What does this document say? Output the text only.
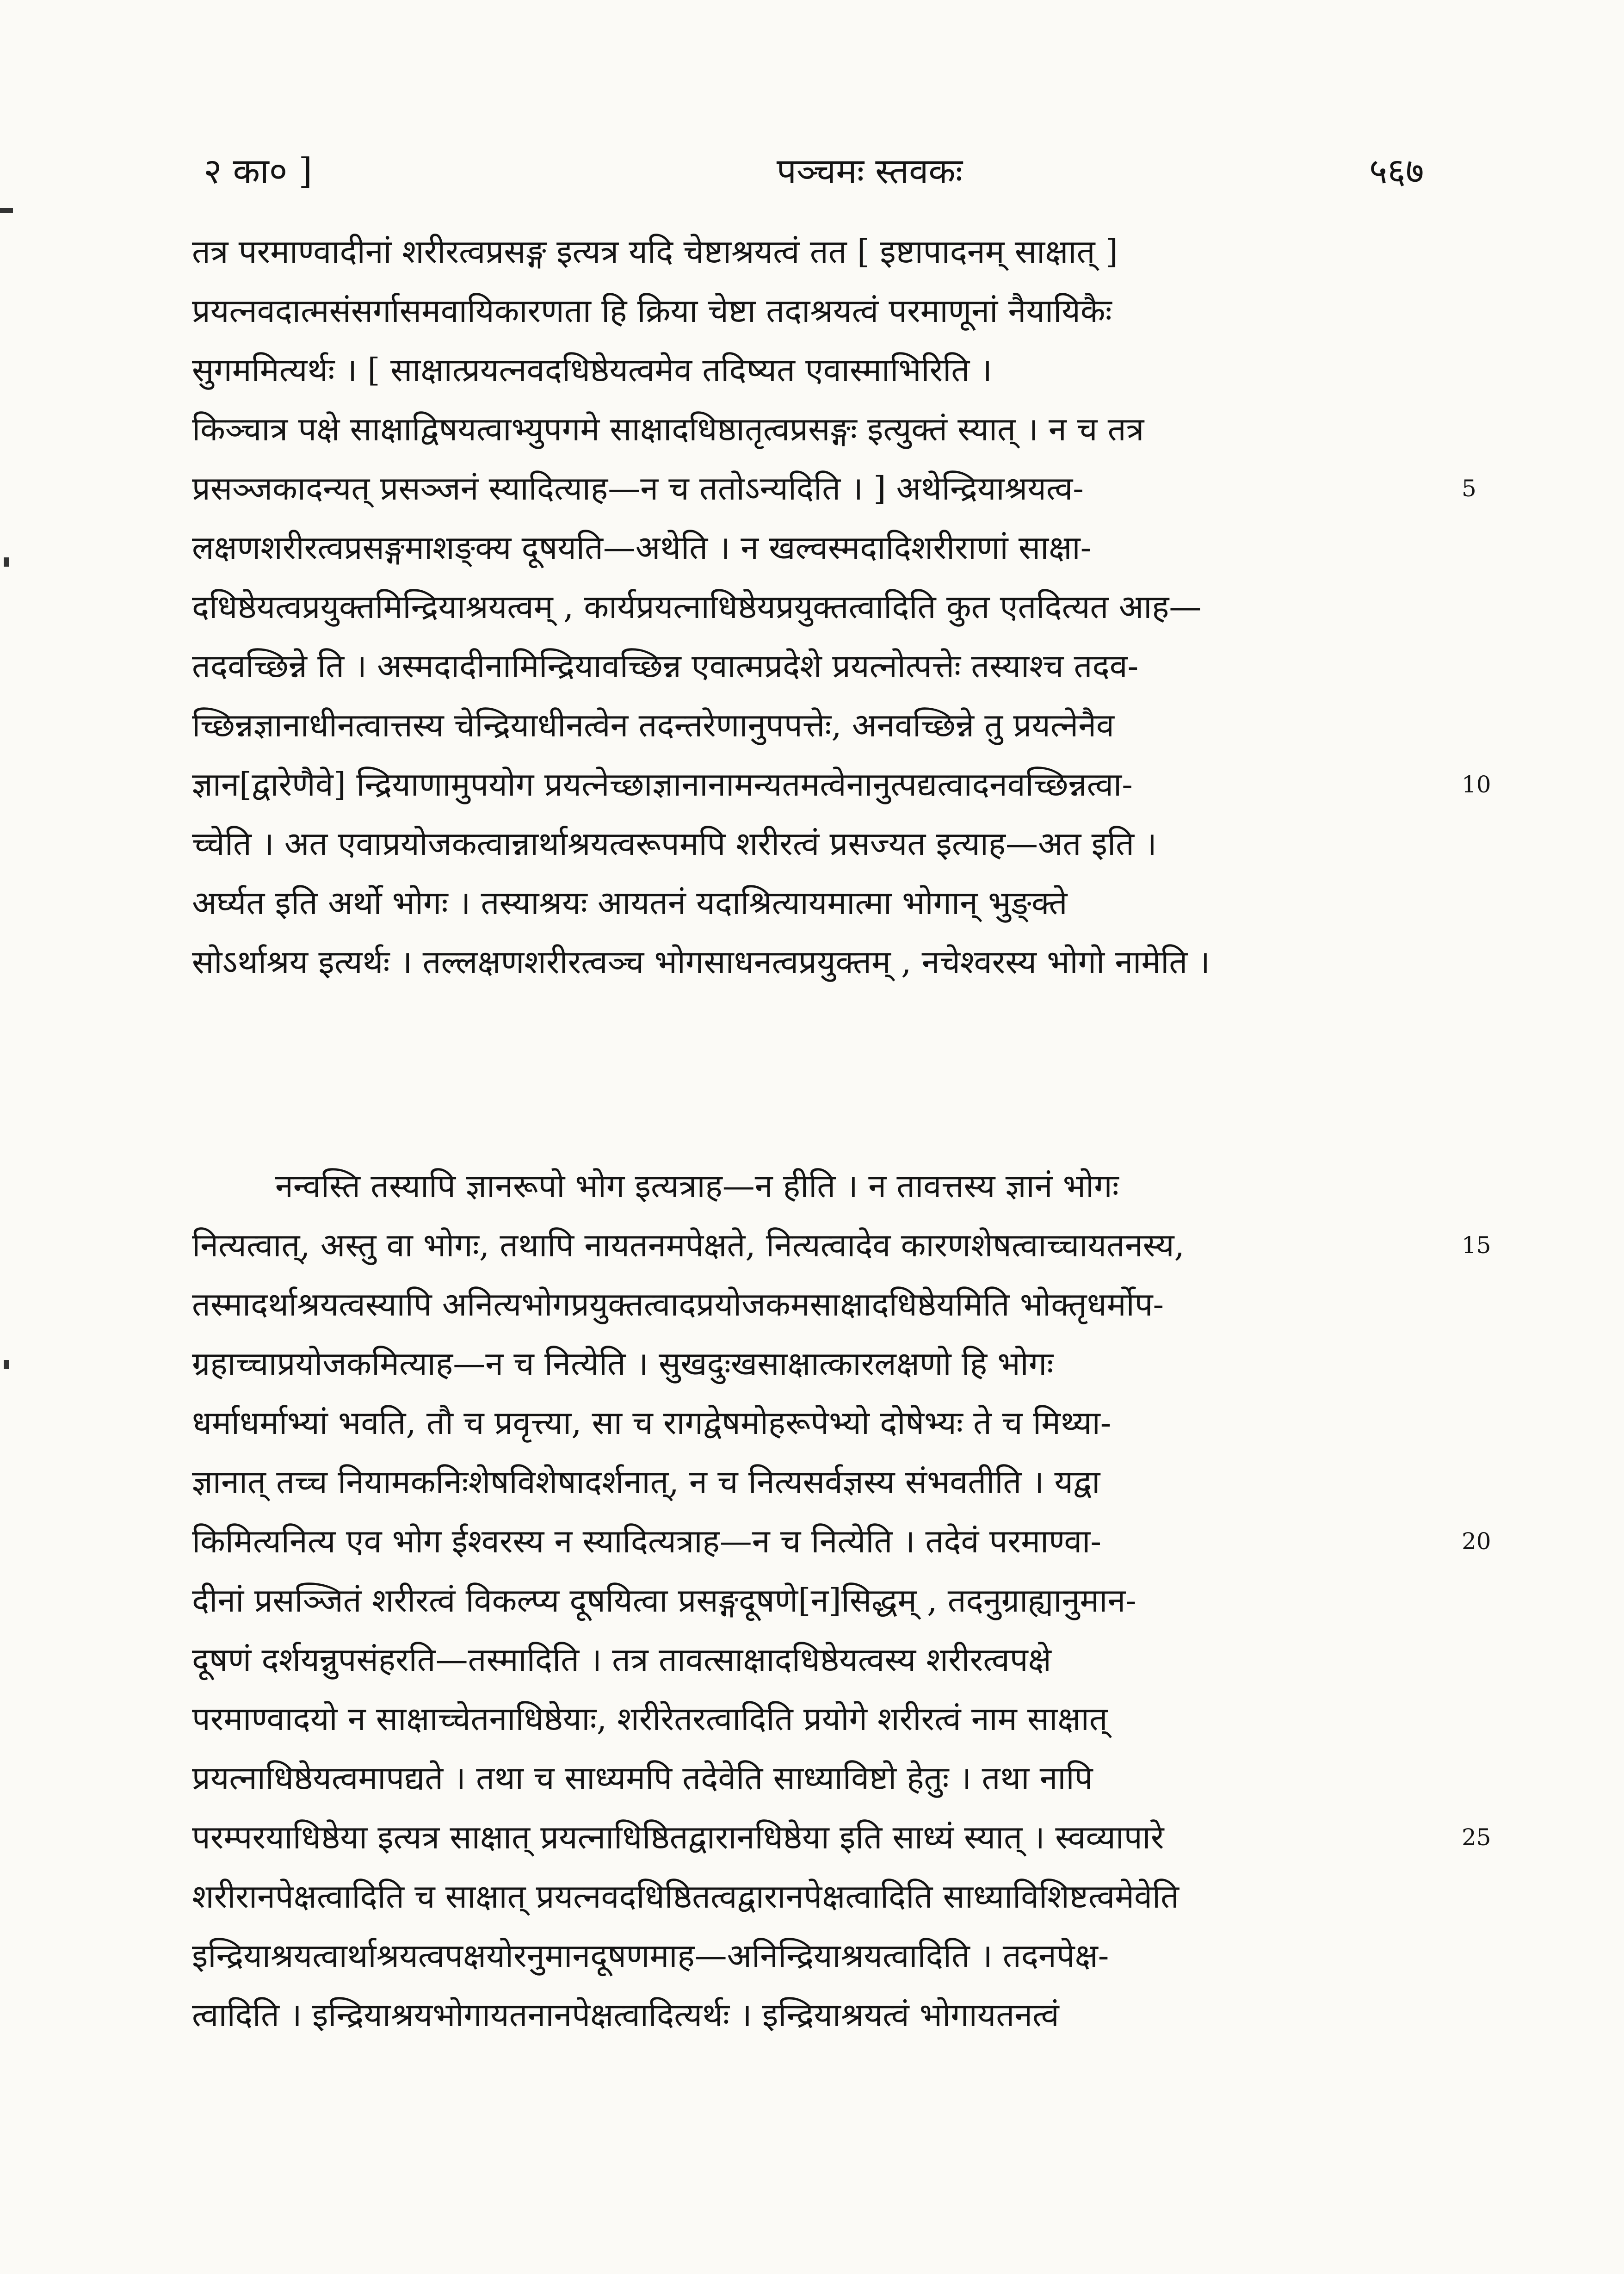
२ का० ]	पञ्चमः स्तवकः	५६७
तत्र परमाण्वादीनां शरीरत्वप्रसङ्ग इत्यत्र यदि चेष्टाश्रयत्वं तत [ इष्टापादनम् साक्षात् ]
प्रयत्नवदात्मसंसर्गासमवायिकारणता हि क्रिया चेष्टा तदाश्रयत्वं परमाणूनां नैयायिकैः
सुगममित्यर्थः । [ साक्षात्प्रयत्नवदधिष्ठेयत्वमेव तदिष्यत एवास्माभिरिति ।
किञ्चात्र पक्षे साक्षाद्विषयत्वाभ्युपगमे साक्षादधिष्ठातृत्वप्रसङ्गः इत्युक्तं स्यात् । न च तत्र
प्रसञ्जकादन्यत् प्रसञ्जनं स्यादित्याह—न च ततोऽन्यदिति । ] अथेन्द्रियाश्रयत्व-
लक्षणशरीरत्वप्रसङ्गमाशङ्क्य दूषयति—अथेति । न खल्वस्मदादिशरीराणां साक्षा-
दधिष्ठेयत्वप्रयुक्तमिन्द्रियाश्रयत्वम् , कार्यप्रयत्नाधिष्ठेयप्रयुक्तत्वादिति कुत एतदित्यत आह—
तदवच्छिन्ने ति । अस्मदादीनामिन्द्रियावच्छिन्न एवात्मप्रदेशे प्रयत्नोत्पत्तेः तस्याश्च तदव-
च्छिन्नज्ञानाधीनत्वात्तस्य चेन्द्रियाधीनत्वेन तदन्तरेणानुपपत्तेः, अनवच्छिन्ने तु प्रयत्नेनैव
ज्ञान[द्वारेणैवे] न्द्रियाणामुपयोग प्रयत्नेच्छाज्ञानानामन्यतमत्वेनानुत्पद्यत्वादनवच्छिन्नत्वा-
च्चेति । अत एवाप्रयोजकत्वान्नार्थाश्रयत्वरूपमपि शरीरत्वं प्रसज्यत इत्याह—अत इति ।
अर्घ्यत इति अर्थो भोगः । तस्याश्रयः आयतनं यदाश्रित्यायमात्मा भोगान् भुङ्क्ते
सोऽर्थाश्रय इत्यर्थः । तल्लक्षणशरीरत्वञ्च भोगसाधनत्वप्रयुक्तम् , नचेश्वरस्य भोगो नामेति ।
नन्वस्ति तस्यापि ज्ञानरूपो भोग इत्यत्राह—न हीति । न तावत्तस्य ज्ञानं भोगः
नित्यत्वात्, अस्तु वा भोगः, तथापि नायतनमपेक्षते, नित्यत्वादेव कारणशेषत्वाच्चायतनस्य,
तस्मादर्थाश्रयत्वस्यापि अनित्यभोगप्रयुक्तत्वादप्रयोजकमसाक्षादधिष्ठेयमिति भोक्तृधर्मोप-
ग्रहाच्चाप्रयोजकमित्याह—न च नित्येति । सुखदुःखसाक्षात्कारलक्षणो हि भोगः
धर्माधर्माभ्यां भवति, तौ च प्रवृत्त्या, सा च रागद्वेषमोहरूपेभ्यो दोषेभ्यः ते च मिथ्या-
ज्ञानात् तच्च नियामकनिःशेषविशेषादर्शनात्, न च नित्यसर्वज्ञस्य संभवतीति । यद्वा
किमित्यनित्य एव भोग ईश्वरस्य न स्यादित्यत्राह—न च नित्येति । तदेवं परमाण्वा-
दीनां प्रसञ्जितं शरीरत्वं विकल्प्य दूषयित्वा प्रसङ्गदूषणे[न]सिद्धम् , तदनुग्राह्यानुमान-
दूषणं दर्शयन्नुपसंहरति—तस्मादिति । तत्र तावत्साक्षादधिष्ठेयत्वस्य शरीरत्वपक्षे
परमाण्वादयो न साक्षाच्चेतनाधिष्ठेयाः, शरीरेतरत्वादिति प्रयोगे शरीरत्वं नाम साक्षात्
प्रयत्नाधिष्ठेयत्वमापद्यते । तथा च साध्यमपि तदेवेति साध्याविष्टो हेतुः । तथा नापि
परम्परयाधिष्ठेया इत्यत्र साक्षात् प्रयत्नाधिष्ठितद्वारानधिष्ठेया इति साध्यं स्यात् । स्वव्यापारे
शरीरानपेक्षत्वादिति च साक्षात् प्रयत्नवदधिष्ठितत्वद्वारानपेक्षत्वादिति साध्याविशिष्टत्वमेवेति
इन्द्रियाश्रयत्वार्थाश्रयत्वपक्षयोरनुमानदूषणमाह—अनिन्द्रियाश्रयत्वादिति । तदनपेक्ष-
त्वादिति । इन्द्रियाश्रयभोगायतनानपेक्षत्वादित्यर्थः । इन्द्रियाश्रयत्वं भोगायतनत्वं
5
10
15
20
25
